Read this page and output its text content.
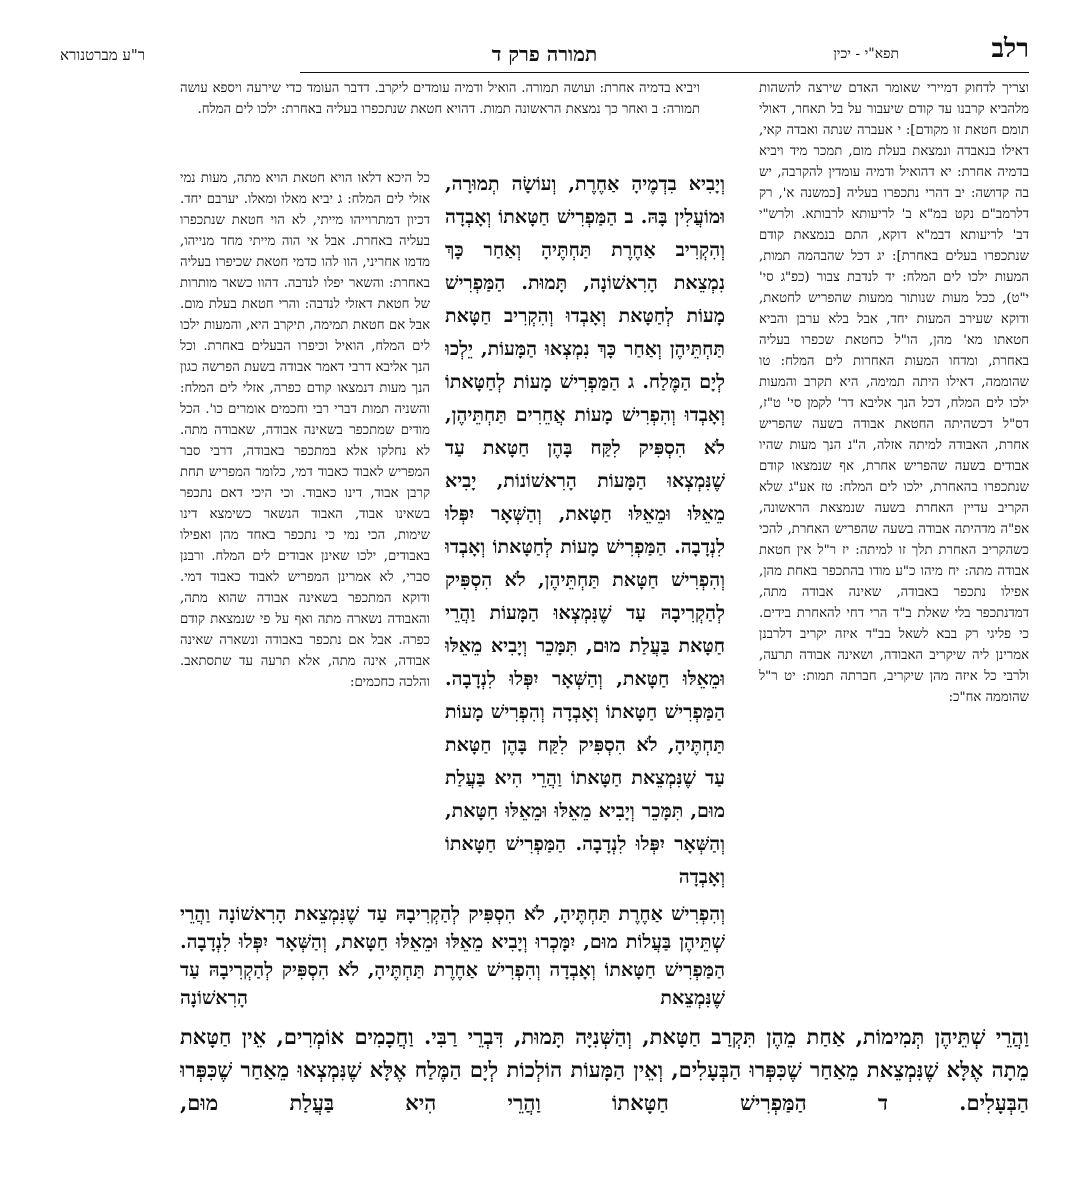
רלב
תפא"י - יכין
תמורה פרק ד
ר"ע מברטנורא
וצריך לדחוק דמיירי שאומר האדם שירצה להשהות מלהביא קרבנו עד קודם שיעבור על בל תאחר, דאולי תומם חטאת זו מקודם]: י אעברה שנתה ואבדה קאי, דאילו בנאבדה ונמצאת בעלת מום, תמכר מיד ויביא בדמיה אחרת: יא דהואיל ודמיה עומדין להקרבה, יש בה קדושה: יב דהרי נתכפרו בעליה [כמשנה א', רק דלרמב"ם נקט במ"א ב' לריעותא לרבותא. ולרש"י דב' לריעותא דבמ"א דוקא, התם בנמצאת קודם שנתכפרו בעלים באחרת]: יג דכל שהבהמה תמות, המעות ילכו לים המלח: יד לנדבת צבור (כפ"ג סי' י"ט), ככל מעות שנותור ממעות שהפריש לחטאת, ודוקא שעירב המעות יחד, אבל בלא ערבן והביא חטאתו מא' מהן, הו"ל כחטאת שכפרו בעליה באחרת, ומדחו המעות האחרות לים המלח: טו שהוממה, דאילו היתה תמימה, היא תקרב והמעות ילכו לים המלח, דכל הנך אליבא דר' לקמן סי' ט"ז, דס"ל דכשהיתה החטאת אבודה בשעה שהפריש אחרת, האבודה למיתה אזלה, ה"נ הנך מעות שהיו אבודים בשעה שהפריש אחרת, אף שנמצאו קודם שנתכפרו בהאחרת, ילכו לים המלח: טז אע"ג שלא הקריב עדיין האחרת בשעה שנמצאת הראשונה, אפ"ה מדהיתה אבודה בשעה שהפריש האחרת, להכי כשהקריב האחרת תלך זו למיתה: יז ר"ל אין חטאת אבודה מתה: יח מיהו כ"ע מודו בהתכפר באחת מהן, אפילו נתכפר באבודה, שאינה אבודה מתה, דמדנתכפר בלי שאלת ב"ד הרי דחי להאחרת בידים. כי פליגי רק בבא לשאל בב"ד איזה יקריב דלרבנן אמרינן ליה שיקריב האבודה, ושאינה אבודה תרעה, ולרבי כל איזה מהן שיקריב, חברתה תמות: יט ר"ל שהוממה אח"כ:
ויביא בדמיה אחרת: ועושה תמורה. הואיל ודמיה עומדים ליקרב. דדבר העומד כדי שירעה ויספא עושה תמורה: ב ואחר כך נמצאת הראשונה תמות. דהויא חטאת שנתכפרו בעליה באחרת: ילכו לים המלח.
כל היכא דלאו הויא חטאת הויא מתה, מעות נמי אזלי לים המלח: ג יביא מאלו ומאלו. יערבם יחד. דכיון דמתרוייהו מייתי, לא הוי חטאת שנתכפרו בעליה באחרת. אבל אי הוה מייתי מחד מנייהו, מדמו אחריני, הוו להו כדמי חטאת שכיפרו בעליה באחרת: והשאר יפלו לנדבה. דהוו כשאר מותרות של חטאת דאזלי לנדבה: והרי חטאת בעלת מום. אבל אם חטאת תמימה, תיקרב היא, והמעות ילכו לים המלח, הואיל וכיפרו הבעלים באחרת. וכל הנך אליבא דרבי דאמר אבודה בשעת הפרשה כגון הנך מעות דנמצאו קודם כפרה, אזלי לים המלח: והשניה תמות דברי רבי וחכמים אומרים כו'. הכל מודים שמתכפר בשאינה אבודה, שאבודה מתה. לא נחלקו אלא במתכפר באבודה, דרבי סבר המפריש לאבוד כאבוד דמי, כלומר המפריש תחת קרבן אבוד, דינו כאבוד. וכי היכי דאם נתכפר בשאינו אבוד, האבוד הנשאר כשימצא דינו שימות, הכי נמי כי נתכפר באחד מהן ואפילו באבודים, ילכו שאינן אבודים לים המלח. ורבנן סברי, לא אמרינן המפריש לאבוד כאבוד דמי. ודוקא המתכפר בשאינה אבודה שהוא מתה, והאבודה נשארה מתה ואף על פי שנמצאת קודם כפרה. אבל אם נתכפר באבודה ונשארה שאינה אבודה, אינה מתה, אלא תרעה עד שתסתאב. והלכה כחכמים:
וְיָבִיא בִדְמֶיהָ אַחֶרֶת, וְעוֹשָׂה תְמוּרָה, וּמוֹעֲלִין בָּהּ. ב הַמַּפְרִישׁ חַטָּאתוֹ וְאָבְדָה וְהִקְרִיב אַחֶרֶת תַּחְתֶּיהָ וְאַחַר כָּךְ נִמְצֵאת הָרִאשׁוֹנָה, תָּמוּת. הַמַּפְרִישׁ מָעוֹת לְחַטָּאת וְאָבְדוּ וְהִקְרִיב חַטָּאת תַּחְתֵּיהֶן וְאַחַר כָּךְ נִמְצְאוּ הַמָּעוֹת, יֵלְכוּ לְיָם הַמֶּלַח. ג הַמַּפְרִישׁ מָעוֹת לְחַטָּאתוֹ וְאָבְדוּ וְהִפְרִישׁ מָעוֹת אֲחֵרִים תַּחְתֵּיהֶן, לֹא הִסְפִּיק לִקַּח בָּהֶן חַטָּאת עַד שֶׁנִּמְצְאוּ הַמָּעוֹת הָרִאשׁוֹנוֹת, יָבִיא מֵאֵלּוּ וּמֵאֵלּוּ חַטָּאת, וְהַשְּׁאָר יִפְּלוּ לִנְדָבָה. הַמַּפְרִישׁ מָעוֹת לְחַטָּאתוֹ וְאָבְדוּ וְהִפְרִישׁ חַטָּאת תַּחְתֵּיהֶן, לֹא הִסְפִּיק לְהַקְרִיבָהּ עַד שֶׁנִּמְצְאוּ הַמָּעוֹת וַהֲרֵי חַטָּאת בַּעֲלַת מוּם, תִּמָּכֵר וְיָבִיא מֵאֵלּוּ וּמֵאֵלּוּ חַטָּאת, וְהַשְּׁאָר יִפְּלוּ לִנְדָבָה. הַמַּפְרִישׁ חַטָּאתוֹ וְאָבְדָה וְהִפְרִישׁ מָעוֹת תַּחְתֶּיהָ, לֹא הִסְפִּיק לִקַּח בָּהֶן חַטָּאת עַד שֶׁנִּמְצֵאת חַטָּאתוֹ וַהֲרֵי הִיא בַּעֲלַת מוּם, תִּמָּכֵר וְיָבִיא מֵאֵלּוּ וּמֵאֵלּוּ חַטָּאת, וְהַשְּׁאָר יִפְּלוּ לִנְדָבָה. הַמַּפְרִישׁ חַטָּאתוֹ וְאָבְדָה
וְהִפְרִישׁ אַחֶרֶת תַּחְתֶּיהָ, לֹא הִסְפִּיק לְהַקְרִיבָהּ עַד שֶׁנִּמְצֵאת הָרִאשׁוֹנָה וַהֲרֵי שְׁתֵּיהֶן בַּעֲלוֹת מוּם, יִמָּכְרוּ וְיָבִיא מֵאֵלּוּ וּמֵאֵלּוּ חַטָּאת, וְהַשְּׁאָר יִפְּלוּ לִנְדָבָה. הַמַּפְרִישׁ חַטָּאתוֹ וְאָבְדָה וְהִפְרִישׁ אַחֶרֶת תַּחְתֶּיהָ, לֹא הִסְפִּיק לְהַקְרִיבָהּ עַד שֶׁנִּמְצֵאת הָרִאשׁוֹנָה
וַהֲרֵי שְׁתֵּיהֶן תְּמִימוֹת, אַחַת מֵהֶן תִּקְרַב חַטָּאת, וְהַשְּׁנִיָּה תָּמוּת, דִּבְרֵי רַבִּי. וַחֲכָמִים אוֹמְרִים, אֵין חַטָּאת מֵתָה אֶלָּא שֶׁנִּמְצֵאת מֵאַחַר שֶׁכִּפְּרוּ הַבְּעָלִים, וְאֵין הַמָּעוֹת הוֹלְכוֹת לְיָם הַמֶּלַח אֶלָּא שֶׁנִּמְצְאוּ מֵאַחַר שֶׁכִּפְּרוּ הַבְּעָלִים. ד הַמַּפְרִישׁ חַטָּאתוֹ וַהֲרֵי הִיא בַּעֲלַת מוּם,
